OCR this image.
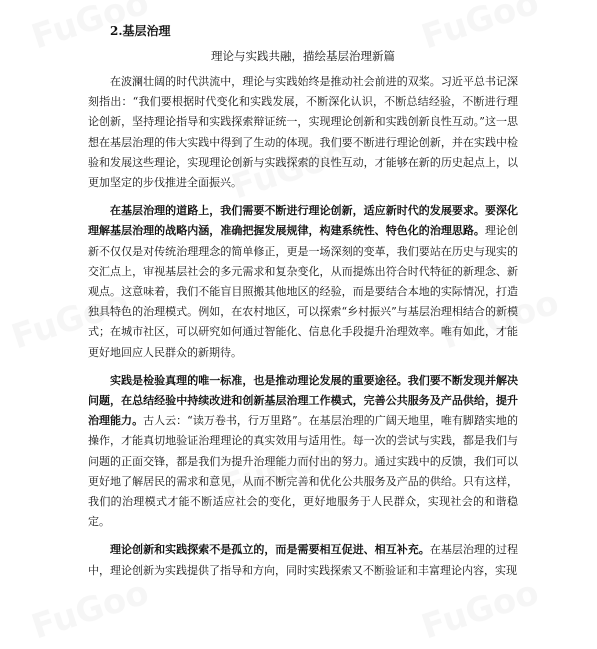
2.基层治理
理论与实践共融，描绘基层治理新篇

在波澜壮阔的时代洪流中，理论与实践始终是推动社会前进的双桨。习近平总书记深刻指出：“我们要根据时代变化和实践发展，不断深化认识，不断总结经验，不断进行理论创新，坚持理论指导和实践探索辩证统一，实现理论创新和实践创新良性互动。”这一思想在基层治理的伟大实践中得到了生动的体现。我们要不断进行理论创新，并在实践中检验和发展这些理论，实现理论创新与实践探索的良性互动，才能够在新的历史起点上，以更加坚定的步伐推进全面振兴。

在基层治理的道路上，我们需要不断进行理论创新，适应新时代的发展要求。要深化理解基层治理的战略内涵，准确把握发展规律，构建系统性、特色化的治理思路。理论创新不仅仅是对传统治理理念的简单修正，更是一场深刻的变革，我们要站在历史与现实的交汇点上，审视基层社会的多元需求和复杂变化，从而提炼出符合时代特征的新理念、新观点。这意味着，我们不能盲目照搬其他地区的经验，而是要结合本地的实际情况，打造独具特色的治理模式。例如，在农村地区，可以探索“乡村振兴”与基层治理相结合的新模式；在城市社区，可以研究如何通过智能化、信息化手段提升治理效率。唯有如此，才能更好地回应人民群众的新期待。

实践是检验真理的唯一标准，也是推动理论发展的重要途径。我们要不断发现并解决问题，在总结经验中持续改进和创新基层治理工作模式，完善公共服务及产品供给，提升治理能力。古人云：“读万卷书，行万里路”。在基层治理的广阔天地里，唯有脚踏实地的操作，才能真切地验证治理理论的真实效用与适用性。每一次的尝试与实践，都是我们与问题的正面交锋，都是我们为提升治理能力而付出的努力。通过实践中的反馈，我们可以更好地了解居民的需求和意见，从而不断完善和优化公共服务及产品的供给。只有这样，我们的治理模式才能不断适应社会的变化，更好地服务于人民群众，实现社会的和谐稳定。

理论创新和实践探索不是孤立的，而是需要相互促进、相互补充。在基层治理的过程中，理论创新为实践提供了指导和方向，同时实践探索又不断验证和丰富理论内容，实现
